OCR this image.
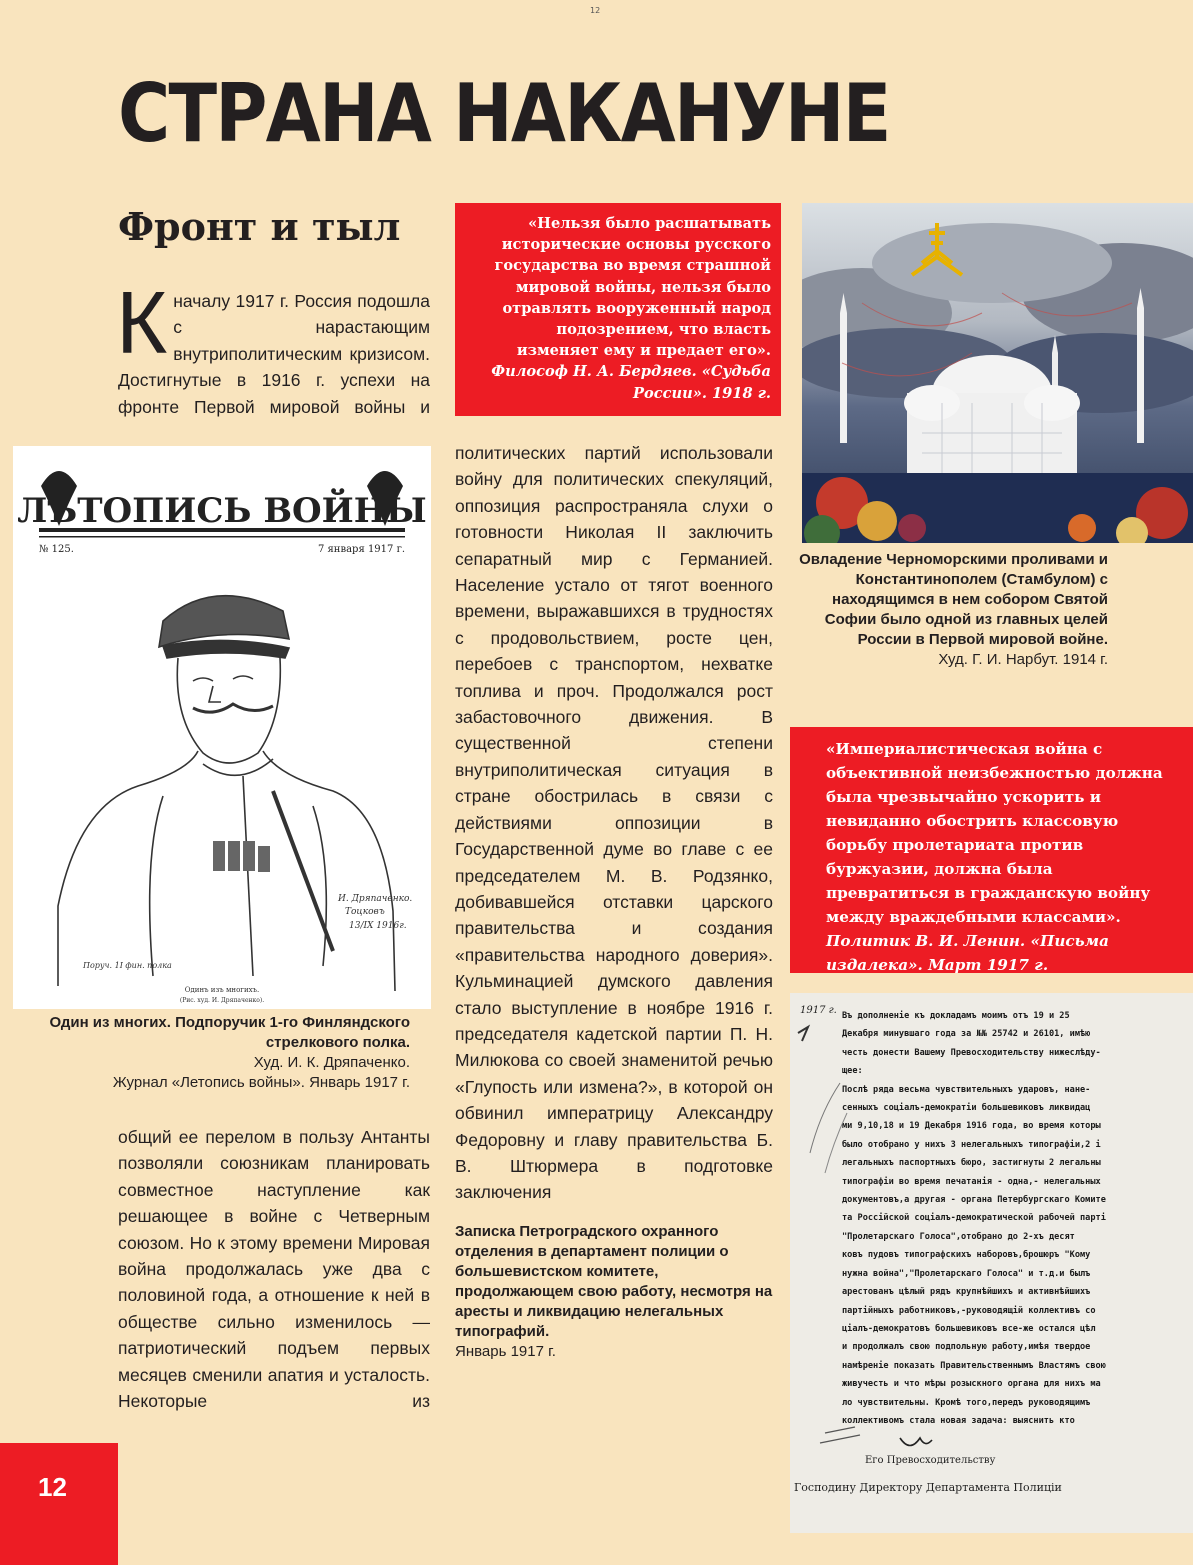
12
СТРАНА НАКАНУНЕ
Фронт и тыл
К началу 1917 г. Россия подошла с нарастающим внутриполитическим кризисом. Достигнутые в 1916 г. успехи на фронте Первой мировой войны и
«Нельзя было расшатывать исторические основы русского государства во время страшной мировой войны, нельзя было отравлять вооруженный народ подозрением, что власть изменяет ему и предает его».
Философ Н. А. Бердяев. «Судьба России». 1918 г.
Овладение Черноморскими проливами и Константинополем (Стамбулом) с находящимся в нем собором Святой Софии было одной из главных целей России в Первой мировой войне.
Худ. Г. И. Нарбут. 1914 г.
ЛѢТОПИСЬ ВОЙНЫ
№ 125.	7 января 1917 г.
И. Дряпаченко.
Тоцковъ
13/IX 1916г.
Поруч. 1I фин. полка
Одинъ изъ многихъ.
(Рис. худ. И. Дряпаченко).
Один из многих. Подпоручик 1-го Финляндского стрелкового полка.
Худ. И. К. Дряпаченко.
Журнал «Летопись войны». Январь 1917 г.
политических партий использовали войну для политических спекуляций, оппозиция распространяла слухи о готовности Николая II заключить сепаратный мир с Германией. Население устало от тягот военного времени, выражавшихся в трудностях с продовольствием, росте цен, перебоев с транспортом, нехватке топлива и проч. Продолжался рост забастовочного движения. В существенной степени внутриполитическая ситуация в стране обострилась в связи с действиями оппозиции в Государственной думе во главе с ее председателем М. В. Родзянко, добивавшейся отставки царского правительства и создания «правительства народного доверия». Кульминацией думского давления стало выступление в ноябре 1916 г. председателя кадетской партии П. Н. Милюкова со своей знаменитой речью «Глупость или измена?», в которой он обвинил императрицу Александру Федоровну и главу правительства Б. В. Штюрмера в подготовке заключения
общий ее перелом в пользу Антанты позволяли союзникам планировать совместное наступление как решающее в войне с Четверным союзом. Но к этому времени Мировая война продолжалась уже два с половиной года, а отношение к ней в обществе сильно изменилось — патриотический подъем первых месяцев сменили апатия и усталость. Некоторые из
«Империалистическая война с объективной неизбежностью должна была чрезвычайно ускорить и невиданно обострить классовую борьбу пролетариата против буржуазии, должна была превратиться в гражданскую войну между враждебными классами».
Политик В. И. Ленин. «Письма издалека». Март 1917 г.
1917 г. Въ дополненіе къ докладамъ моимъ отъ 19 и 25
Декабря минувшаго года за №№ 25742 и 26101, имѣю
честь донести Вашему Превосходительству нижеслѣду-
щее:
Послѣ ряда весьма чувствительныхъ ударовъ, нане-
сенныхъ соціалъ-демократіи большевиковъ ликвидац
ми 9,10,18 и 19 Декабря 1916 года, во время которы
было отобрано у нихъ 3 нелегальныхъ типографіи,2 і
легальныхъ паспортныхъ бюро, застигнуты 2 легальны
типографіи во время печатанія - одна,- нелегальных
документовъ,а другая - органа Петербургскаго Комите
та Россійской соціалъ-демократической рабочей парті
"Пролетарскаго Голоса",отобрано до 2-хъ десят
ковъ пудовъ типографскихъ наборовъ,брошюръ "Кому
нужна война","Пролетарскаго Голоса" и т.д.и былъ
арестованъ цѣлый рядъ крупнѣйшихъ и активнѣйшихъ
партійныхъ работниковъ,-руководящій коллективъ со
ціалъ-демократовъ большевиковъ все-же остался цѣл
и продолжалъ свою подпольную работу,имѣя твердое
намѣреніе показать Правительственнымъ Властямъ свою
живучесть и что мѣры розыскного органа для нихъ ма
ло чувствительны. Кромѣ того,передъ руководящимъ
коллективомъ стала новая задача: выяснить кто
Его Превосходительству
Господину Директору Департамента Полиціи
Записка Петроградского охранного отделения в департамент полиции о большевистском комитете, продолжающем свою работу, несмотря на аресты и ликвидацию нелегальных типографий.
Январь 1917 г.
12
